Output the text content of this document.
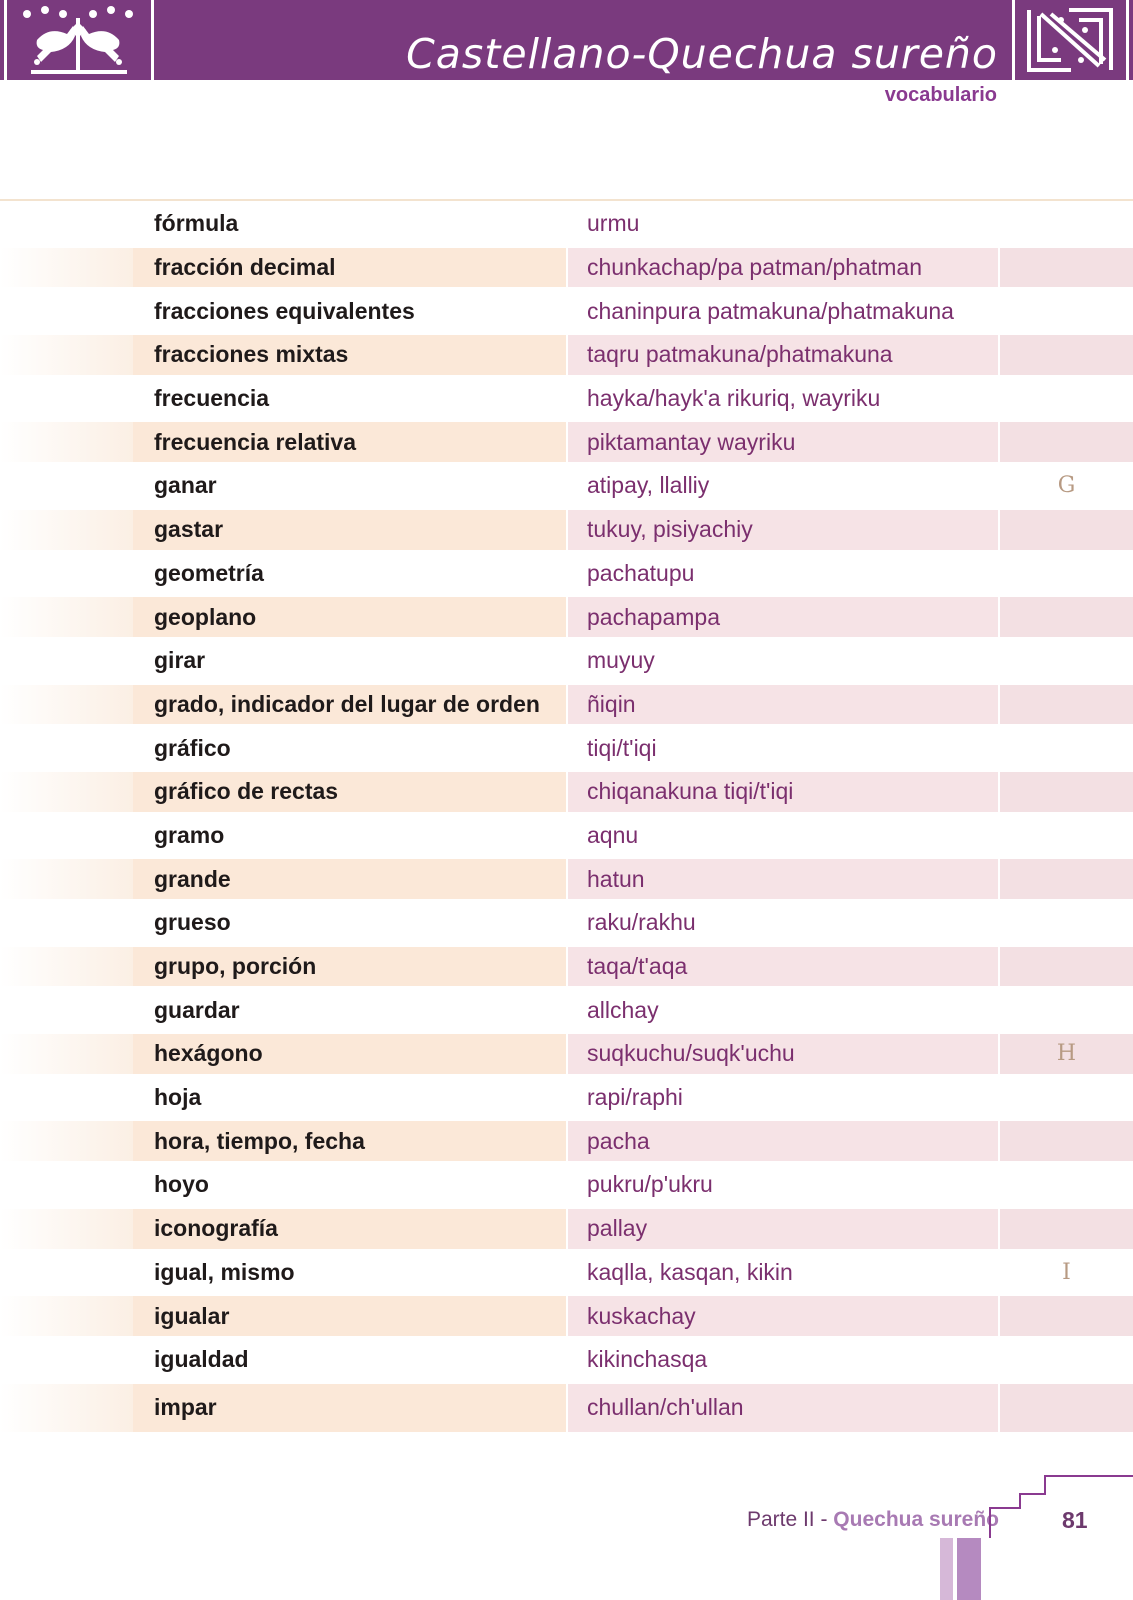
Castellano-Quechua sureño
vocabulario
fórmula	urmu
fracción decimal	chunkachap/pa patman/phatman
fracciones equivalentes	chaninpura patmakuna/phatmakuna
fracciones mixtas	taqru patmakuna/phatmakuna
frecuencia	hayka/hayk'a rikuriq, wayriku
frecuencia relativa	piktamantay wayriku
ganar	atipay, llalliy	G
gastar	tukuy, pisiyachiy
geometría	pachatupu
geoplano	pachapampa
girar	muyuy
grado, indicador del lugar de orden	ñiqin
gráfico	tiqi/t'iqi
gráfico de rectas	chiqanakuna tiqi/t'iqi
gramo	aqnu
grande	hatun
grueso	raku/rakhu
grupo, porción	taqa/t'aqa
guardar	allchay
hexágono	suqkuchu/suqk'uchu	H
hoja	rapi/raphi
hora, tiempo, fecha	pacha
hoyo	pukru/p'ukru
iconografía	pallay
igual, mismo	kaqlla, kasqan, kikin	I
igualar	kuskachay
igualdad	kikinchasqa
impar	chullan/ch'ullan
Parte II - Quechua sureño	81
